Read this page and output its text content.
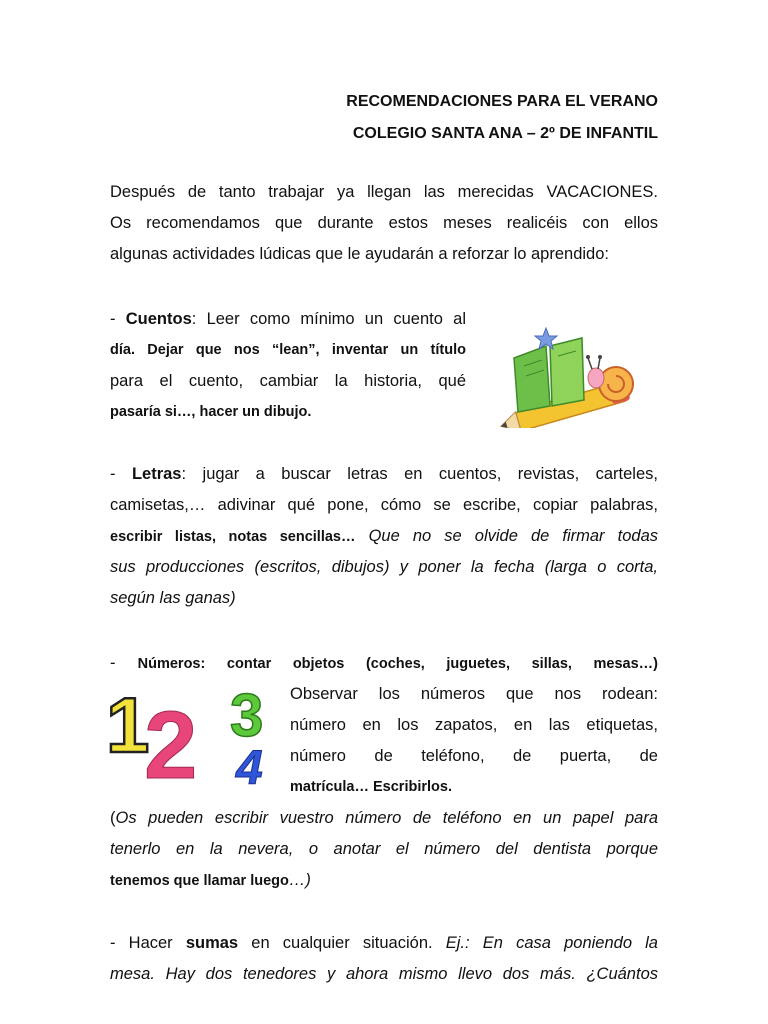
RECOMENDACIONES PARA EL VERANO
COLEGIO SANTA ANA – 2º DE INFANTIL
Después de tanto trabajar ya llegan las merecidas VACACIONES.
Os recomendamos que durante estos meses realicéis con ellos
algunas actividades lúdicas que le ayudarán a reforzar lo aprendido:
- Cuentos: Leer como mínimo un cuento al
día. Dejar que nos “lean”, inventar un título
para el cuento, cambiar la historia, qué
pasaría si…, hacer un dibujo.
- Letras: jugar a buscar letras en cuentos, revistas, carteles,
camisetas,… adivinar qué pone, cómo se escribe, copiar palabras,
escribir listas, notas sencillas… Que no se olvide de firmar todas
sus producciones (escritos, dibujos) y poner la fecha (larga o corta,
según las ganas)
- Números: contar objetos (coches, juguetes, sillas, mesas…)
1
2 3
4
Observar los números que nos rodean:
número en los zapatos, en las etiquetas,
número de teléfono, de puerta, de
matrícula… Escribirlos.
(Os pueden escribir vuestro número de teléfono en un papel para
tenerlo en la nevera, o anotar el número del dentista porque
tenemos que llamar luego…)
- Hacer sumas en cualquier situación. Ej.: En casa poniendo la
mesa. Hay dos tenedores y ahora mismo llevo dos más. ¿Cuántos
